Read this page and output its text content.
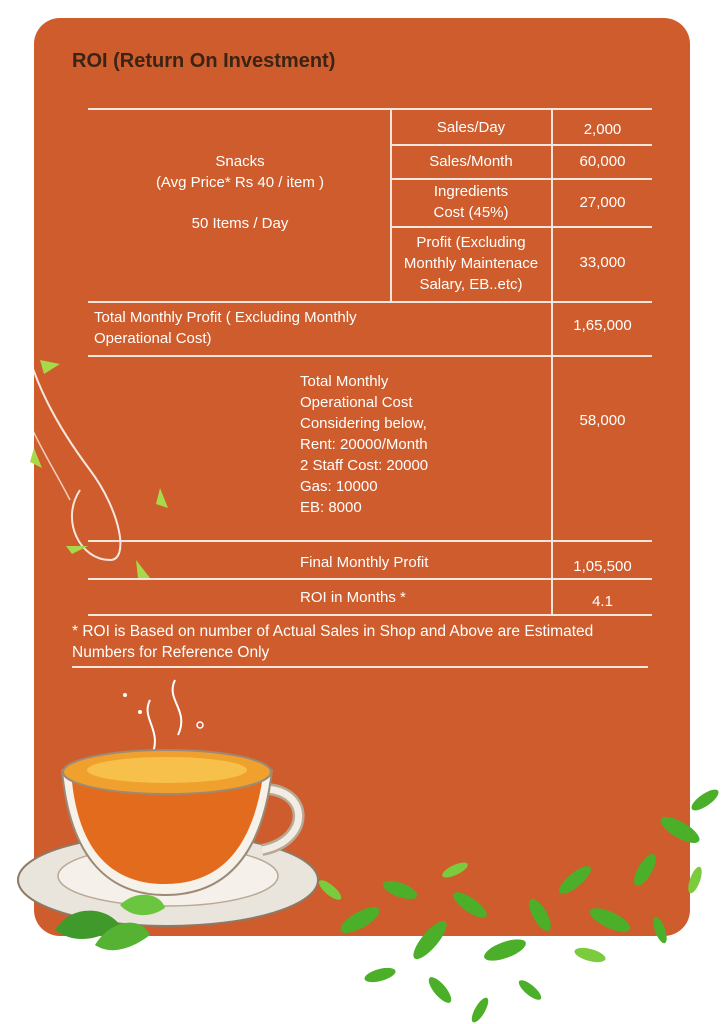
ROI (Return On Investment)
Snacks
(Avg Price* Rs 40 / item )
50 Items / Day
Sales/Day	2,000
Sales/Month	60,000
Ingredients
Cost (45%)
27,000
Profit (Excluding
Monthly Maintenace
Salary, EB..etc)
33,000
Total Monthly Profit ( Excluding Monthly
Operational Cost)
1,65,000
Total Monthly
Operational Cost
Considering below,
Rent: 20000/Month
2 Staff Cost: 20000
Gas: 10000
EB: 8000
58,000
Final Monthly Profit	1,05,500
ROI in Months *	4.1
* ROI is Based on number of Actual Sales in Shop and Above are Estimated
Numbers for Reference Only
